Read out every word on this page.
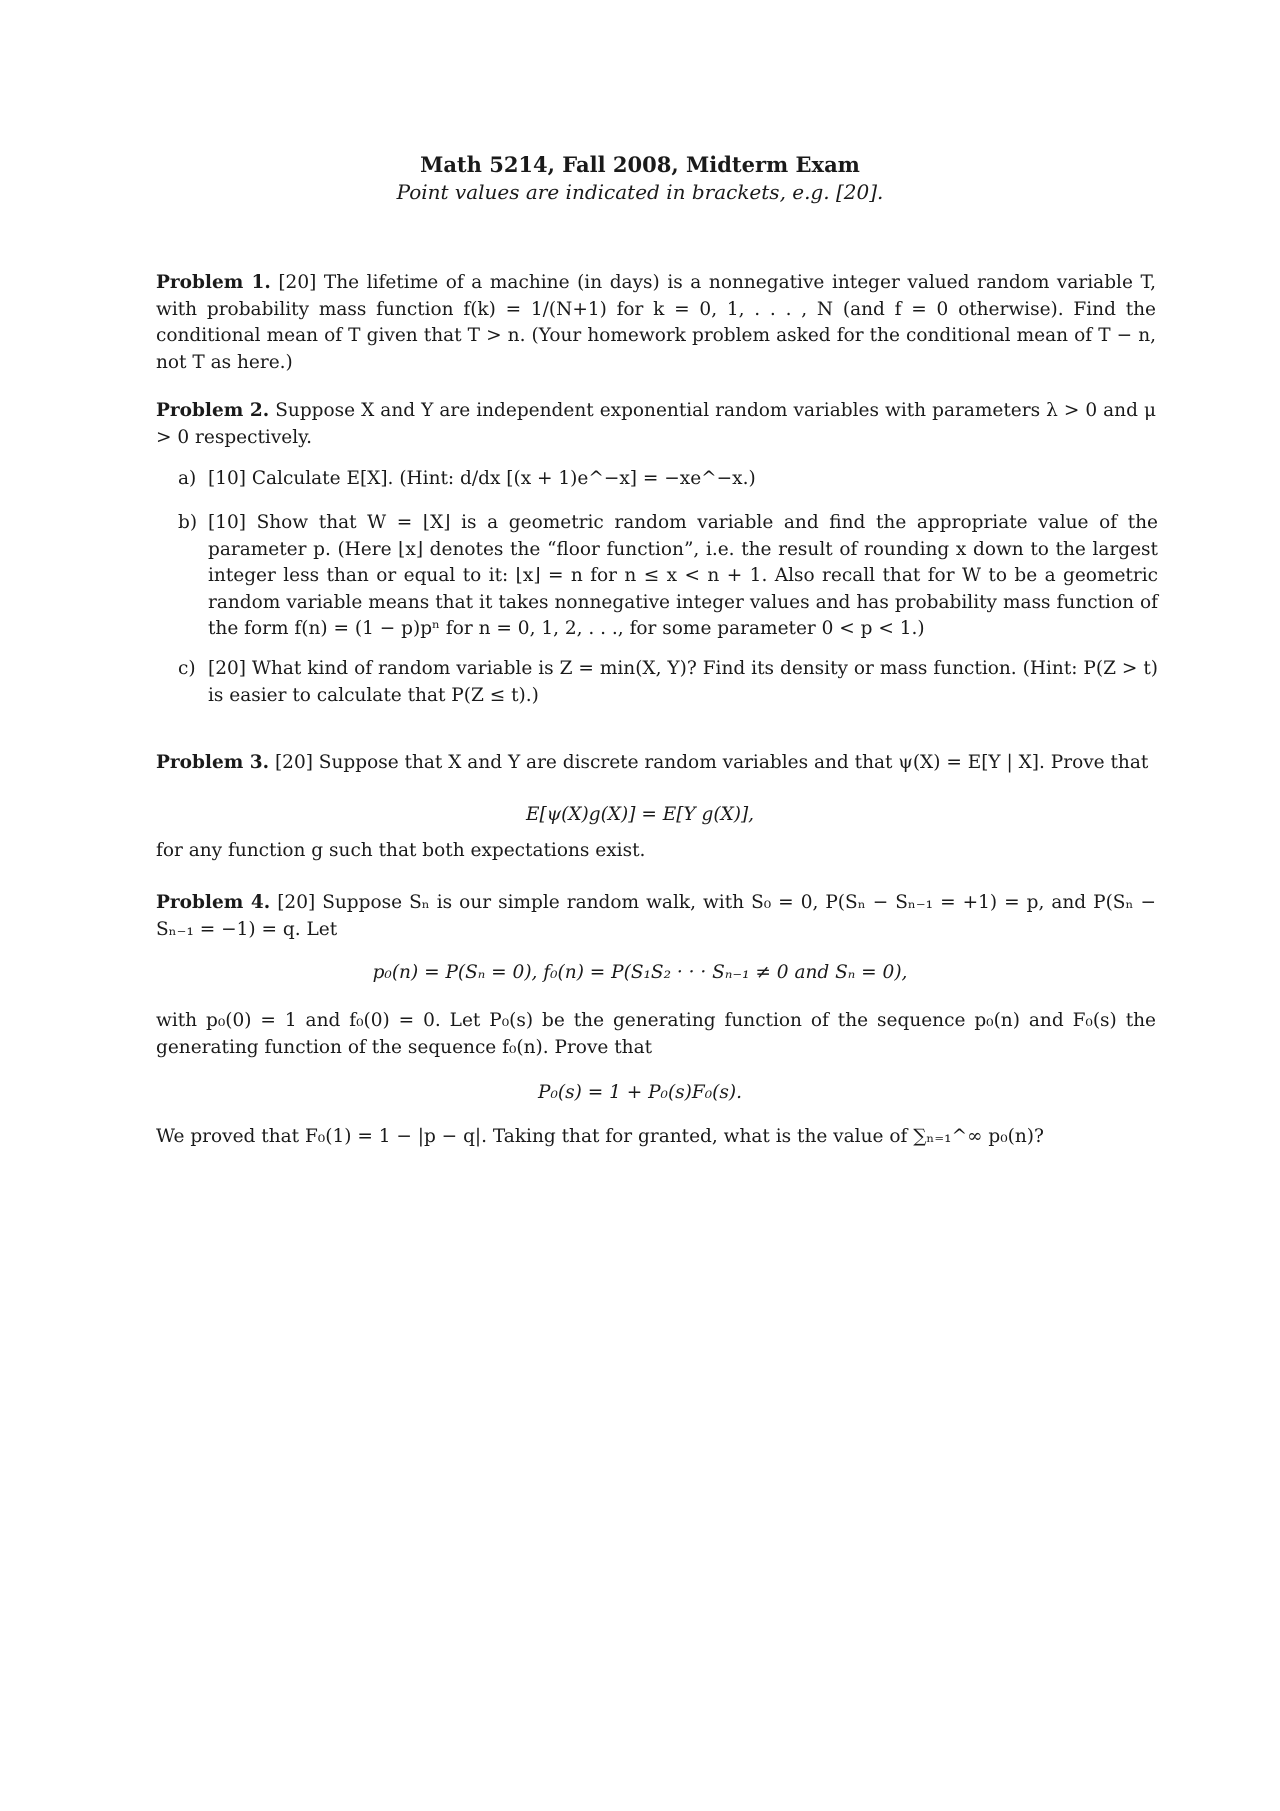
Math 5214, Fall 2008, Midterm Exam
Point values are indicated in brackets, e.g. [20].
Problem 1. [20] The lifetime of a machine (in days) is a nonnegative integer valued random variable T, with probability mass function f(k) = 1/(N+1) for k = 0, 1, . . . , N (and f = 0 otherwise). Find the conditional mean of T given that T > n. (Your homework problem asked for the conditional mean of T − n, not T as here.)
Problem 2. Suppose X and Y are independent exponential random variables with parameters λ > 0 and μ > 0 respectively.
a) [10] Calculate E[X]. (Hint: d/dx [(x + 1)e^−x] = −xe^−x.)
b) [10] Show that W = ⌊X⌋ is a geometric random variable and find the appropriate value of the parameter p. (Here ⌊x⌋ denotes the “floor function”, i.e. the result of rounding x down to the largest integer less than or equal to it: ⌊x⌋ = n for n ≤ x < n + 1. Also recall that for W to be a geometric random variable means that it takes nonnegative integer values and has probability mass function of the form f(n) = (1 − p)pⁿ for n = 0, 1, 2, . . ., for some parameter 0 < p < 1.)
c) [20] What kind of random variable is Z = min(X, Y)? Find its density or mass function. (Hint: P(Z > t) is easier to calculate that P(Z ≤ t).)
Problem 3. [20] Suppose that X and Y are discrete random variables and that ψ(X) = E[Y | X]. Prove that
E[ψ(X)g(X)] = E[Y g(X)],
for any function g such that both expectations exist.
Problem 4. [20] Suppose Sₙ is our simple random walk, with S₀ = 0, P(Sₙ − Sₙ₋₁ = +1) = p, and P(Sₙ − Sₙ₋₁ = −1) = q. Let
p₀(n) = P(Sₙ = 0), f₀(n) = P(S₁S₂ · · · Sₙ₋₁ ≠ 0 and Sₙ = 0),
with p₀(0) = 1 and f₀(0) = 0. Let P₀(s) be the generating function of the sequence p₀(n) and F₀(s) the generating function of the sequence f₀(n). Prove that
P₀(s) = 1 + P₀(s)F₀(s).
We proved that F₀(1) = 1 − |p − q|. Taking that for granted, what is the value of ∑ₙ₌₁^∞ p₀(n)?
